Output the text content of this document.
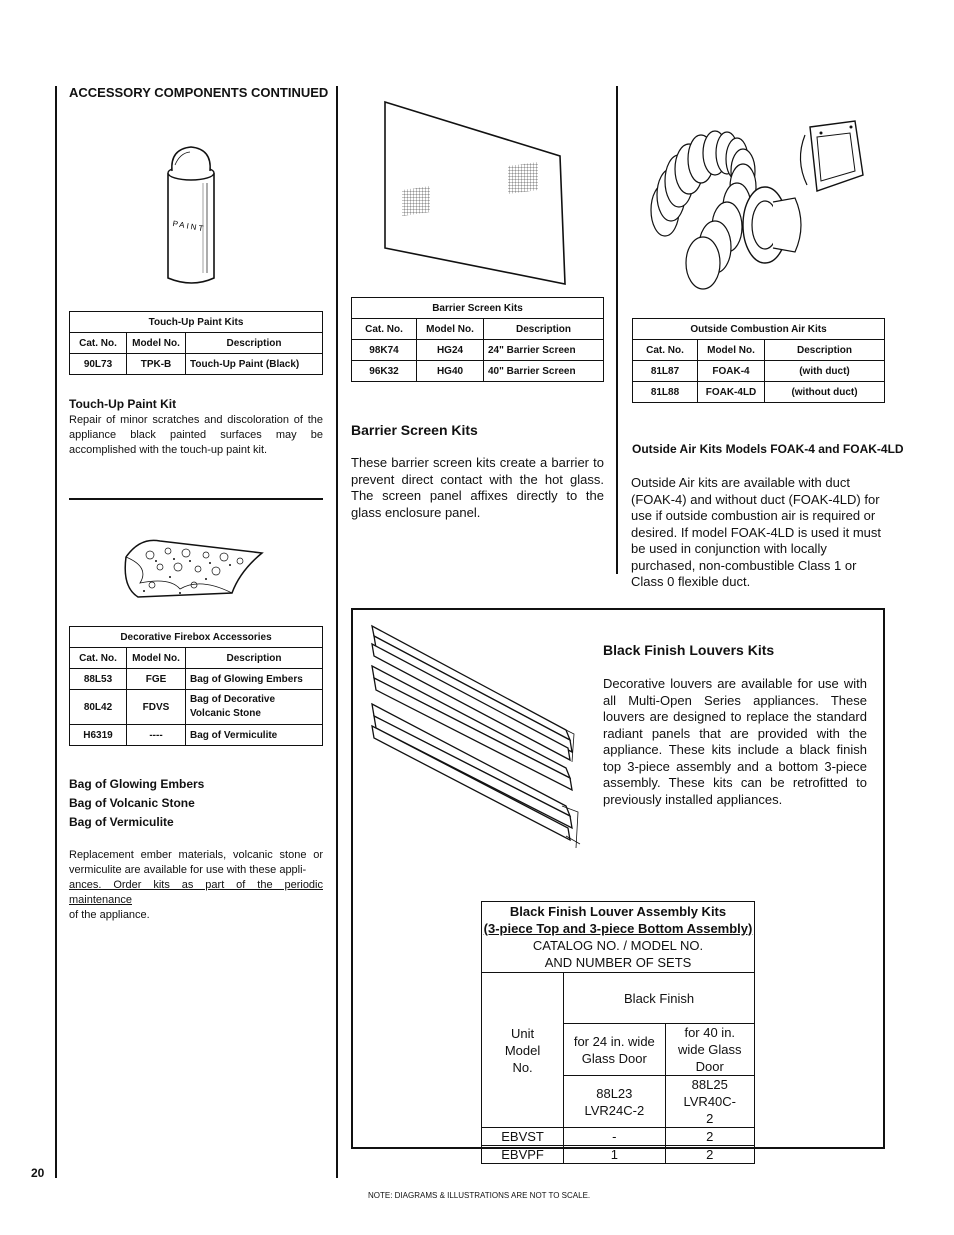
ACCESSORY COMPONENTS CONTINUED
PAINT
Touch-Up Paint Kits		
Cat. No.	Model No.	Description
90L73	TPK-B	Touch-Up Paint (Black)
Touch-Up Paint Kit
Repair of minor scratches and discoloration of the appliance black painted surfaces may be accomplished with the touch-up paint kit.
Decorative Firebox Accessories		
Cat. No.	Model No.	Description
88L53	FGE	Bag of Glowing Embers
80L42	FDVS	Bag of Decorative Volcanic Stone
H6319	----	Bag of Vermiculite
Bag of Glowing Embers
Bag of Volcanic Stone
Bag of Vermiculite
Replacement ember materials, volcanic stone or vermiculite are available for use with these appli-
ances. Order kits as part of the periodic maintenance
of the appliance.
20
Barrier Screen Kits		
Cat. No.	Model No.	Description
98K74	HG24	24" Barrier Screen
96K32	HG40	40" Barrier Screen
Barrier Screen Kits
These barrier screen kits create a barrier to prevent direct contact with the hot glass. The screen panel affixes directly to the glass enclosure panel.
Outside Combustion Air Kits		
Cat. No.	Model No.	Description
81L87	FOAK-4	(with duct)
81L88	FOAK-4LD	(without duct)
Outside Air Kits Models FOAK-4 and FOAK-4LD
Outside Air kits are available with duct (FOAK-4) and without duct (FOAK-4LD) for use if outside combustion air is required or desired. If model FOAK-4LD is used it must be used in conjunction with locally purchased, non-combustible Class 1 or Class 0 flexible duct.
Black Finish Louvers Kits
Decorative louvers are available for use with all Multi-Open Series appliances. These louvers are designed to replace the standard radiant panels that are provided with the appliance. These kits include a black finish top 3-piece assembly and a bottom 3-piece assembly. These kits can be retrofitted to previously installed appliances.
Black Finish Louver Assembly Kits
(3-piece Top and 3-piece Bottom Assembly)
CATALOG NO. / MODEL NO.
AND NUMBER OF SETS		

Unit Model No.	Black Finish	
	for 24 in. wide Glass Door	for 40 in. wide Glass Door
	88L23 LVR24C-2	88L25 LVR40C-2
EBVST	-	2
EBVPF	1	2
NOTE: DIAGRAMS & ILLUSTRATIONS ARE NOT TO SCALE.
